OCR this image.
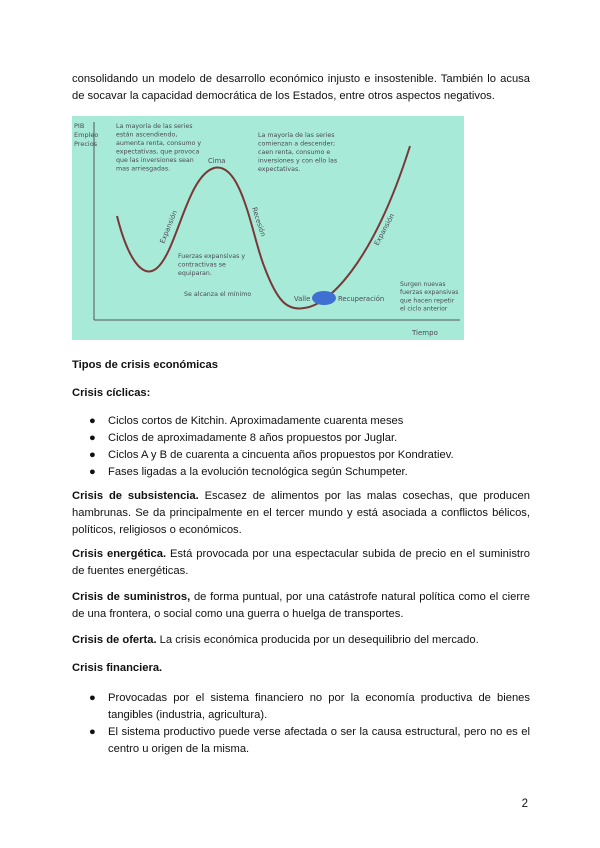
consolidando un modelo de desarrollo económico injusto e insostenible. También lo acusa de socavar la capacidad democrática de los Estados, entre otros aspectos negativos.

PIB Empleo Precios
Tiempo
La mayoría de las series están ascendiendo, aumenta renta, consumo y expectativas, que provoca que las inversiones sean mas arriesgadas.
Cima
La mayoría de las series comienzan a descender; caen renta, consumo e inversiones y con ello las expectativas.
Expansión	Recesión	Expansión
Fuerzas expansivas y contractivas se equiparan.
Se alcanza el mínimo
Valle	Recuperación
Surgen nuevas fuerzas expansivas que hacen repetir el ciclo anterior

Tipos de crisis económicas

Crisis cíclicas:

● Ciclos cortos de Kitchin. Aproximadamente cuarenta meses
● Ciclos de aproximadamente 8 años propuestos por Juglar.
● Ciclos A y B de cuarenta a cincuenta años propuestos por Kondratiev.
● Fases ligadas a la evolución tecnológica según Schumpeter.

Crisis de subsistencia. Escasez de alimentos por las malas cosechas, que producen hambrunas. Se da principalmente en el tercer mundo y está asociada a conflictos bélicos, políticos, religiosos o económicos.

Crisis energética. Está provocada por una espectacular subida de precio en el suministro de fuentes energéticas.

Crisis de suministros, de forma puntual, por una catástrofe natural política como el cierre de una frontera, o social como una guerra o huelga de transportes.

Crisis de oferta. La crisis económica producida por un desequilibrio del mercado.

Crisis financiera.

● Provocadas por el sistema financiero no por la economía productiva de bienes tangibles (industria, agricultura).
● El sistema productivo puede verse afectada o ser la causa estructural, pero no es el centro u origen de la misma.
2
